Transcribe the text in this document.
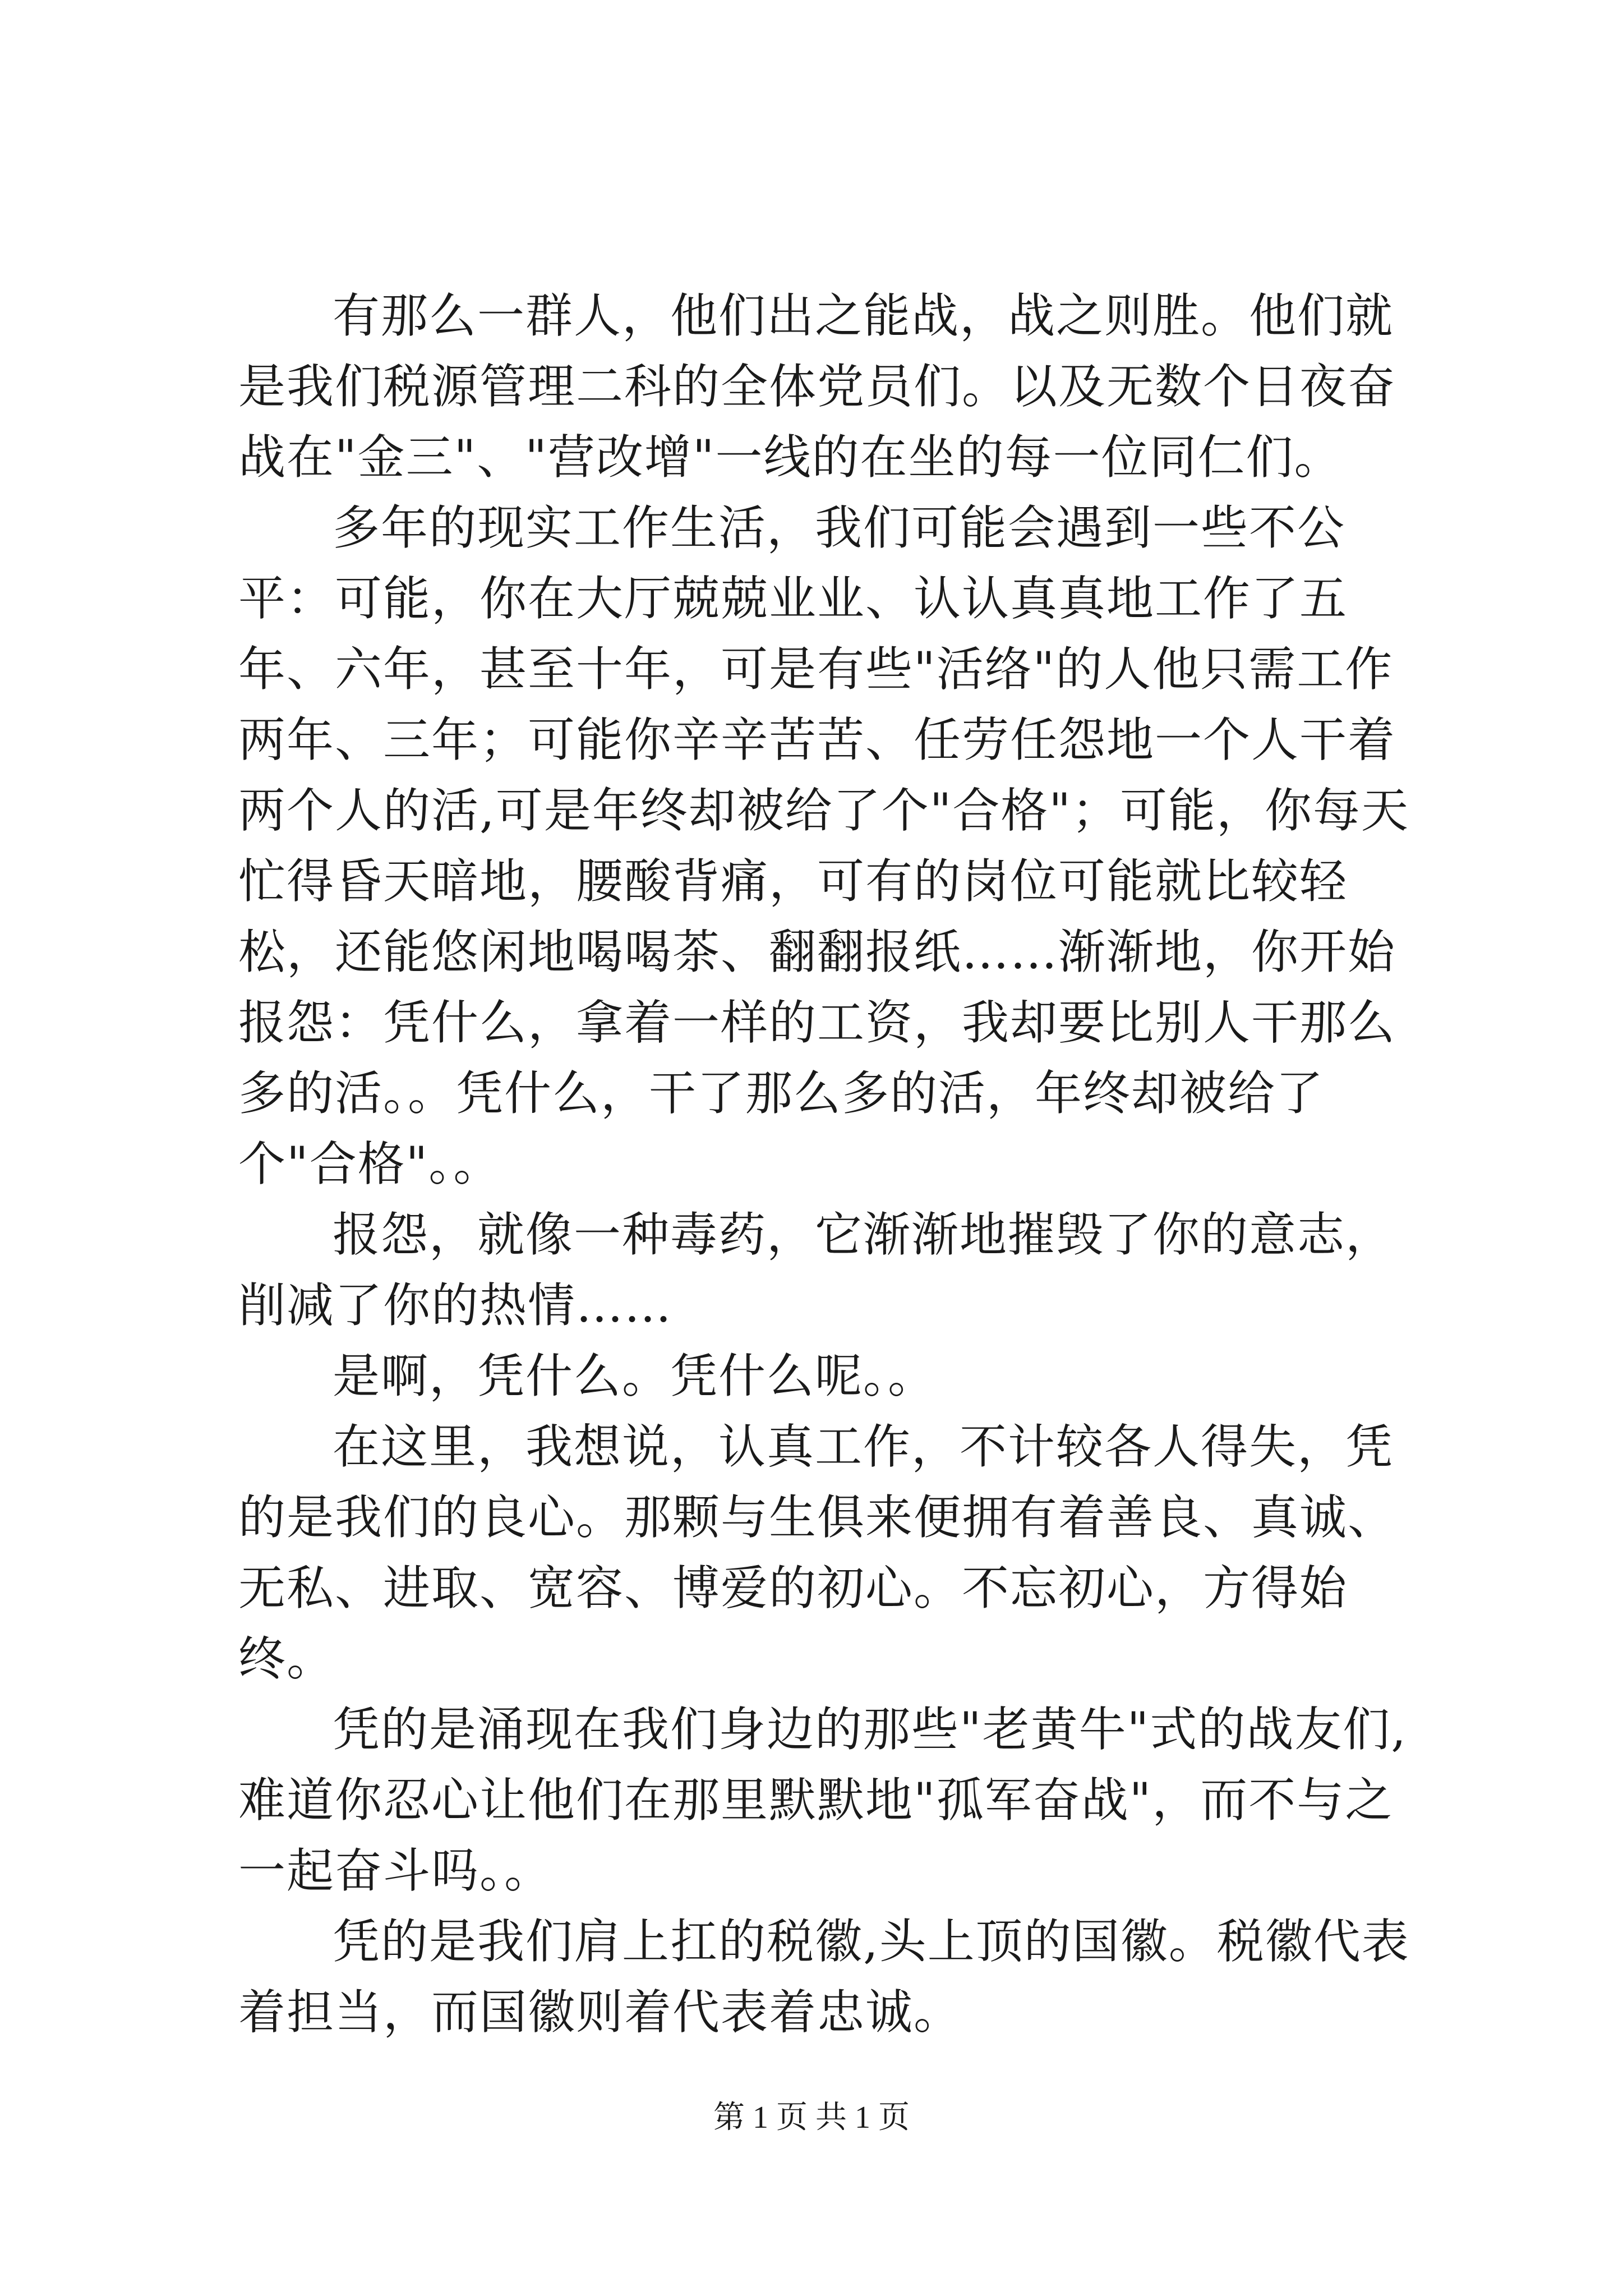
有那么一群人，他们出之能战，战之则胜。他们就是我们税源管理二科的全体党员们。以及无数个日夜奋战在"金三"、"营改增"一线的在坐的每一位同仁们。

多年的现实工作生活，我们可能会遇到一些不公平：可能，你在大厅兢兢业业、认认真真地工作了五年、六年，甚至十年，可是有些"活络"的人他只需工作两年、三年；可能你辛辛苦苦、任劳任怨地一个人干着两个人的活,可是年终却被给了个"合格"；可能，你每天忙得昏天暗地，腰酸背痛，可有的岗位可能就比较轻松，还能悠闲地喝喝茶、翻翻报纸……渐渐地，你开始报怨：凭什么，拿着一样的工资，我却要比别人干那么多的活。。凭什么，干了那么多的活，年终却被给了个"合格"。。

报怨，就像一种毒药，它渐渐地摧毁了你的意志，削减了你的热情……

是啊，凭什么。凭什么呢。。

在这里，我想说，认真工作，不计较各人得失，凭的是我们的良心。那颗与生俱来便拥有着善良、真诚、无私、进取、宽容、博爱的初心。不忘初心，方得始终。

凭的是涌现在我们身边的那些"老黄牛"式的战友们,难道你忍心让他们在那里默默地"孤军奋战"，而不与之一起奋斗吗。。

凭的是我们肩上扛的税徽,头上顶的国徽。税徽代表着担当，而国徽则着代表着忠诚。

第 1 页 共 1 页
